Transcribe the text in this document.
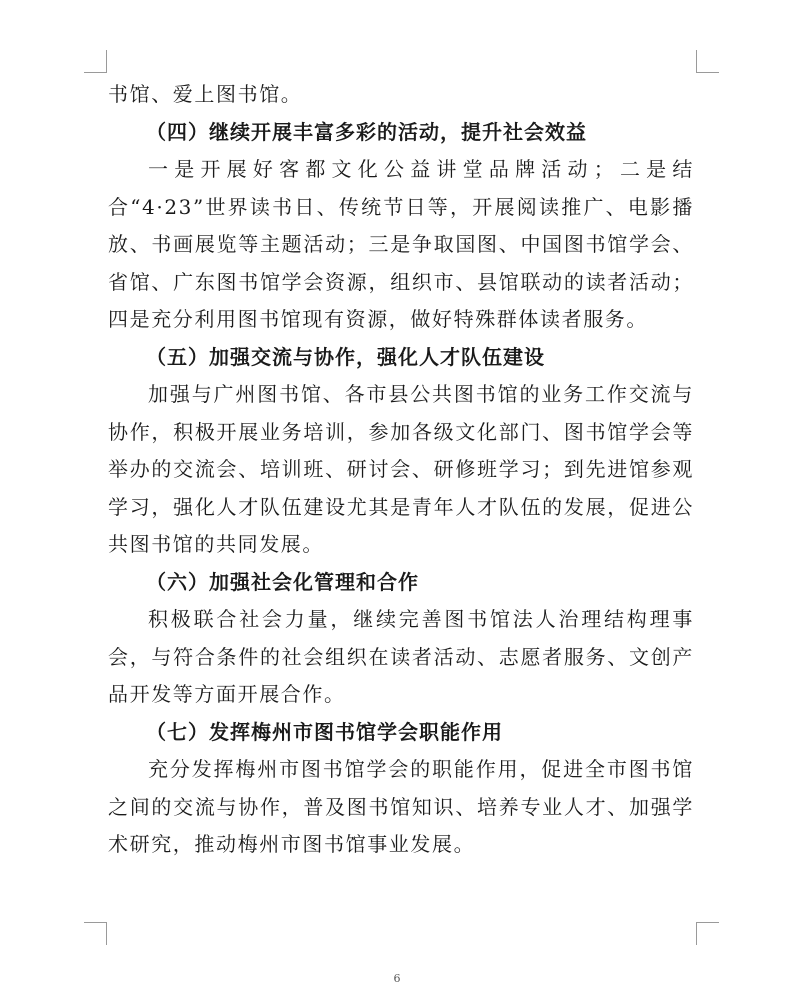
书馆、爱上图书馆。

（四）继续开展丰富多彩的活动，提升社会效益

一是开展好客都文化公益讲堂品牌活动；二是结合“4·23”世界读书日、传统节日等，开展阅读推广、电影播放、书画展览等主题活动；三是争取国图、中国图书馆学会、省馆、广东图书馆学会资源，组织市、县馆联动的读者活动；四是充分利用图书馆现有资源，做好特殊群体读者服务。

（五）加强交流与协作，强化人才队伍建设

加强与广州图书馆、各市县公共图书馆的业务工作交流与协作，积极开展业务培训，参加各级文化部门、图书馆学会等举办的交流会、培训班、研讨会、研修班学习；到先进馆参观学习，强化人才队伍建设尤其是青年人才队伍的发展，促进公共图书馆的共同发展。

（六）加强社会化管理和合作

积极联合社会力量，继续完善图书馆法人治理结构理事会，与符合条件的社会组织在读者活动、志愿者服务、文创产品开发等方面开展合作。

（七）发挥梅州市图书馆学会职能作用

充分发挥梅州市图书馆学会的职能作用，促进全市图书馆之间的交流与协作，普及图书馆知识、培养专业人才、加强学术研究，推动梅州市图书馆事业发展。

6
